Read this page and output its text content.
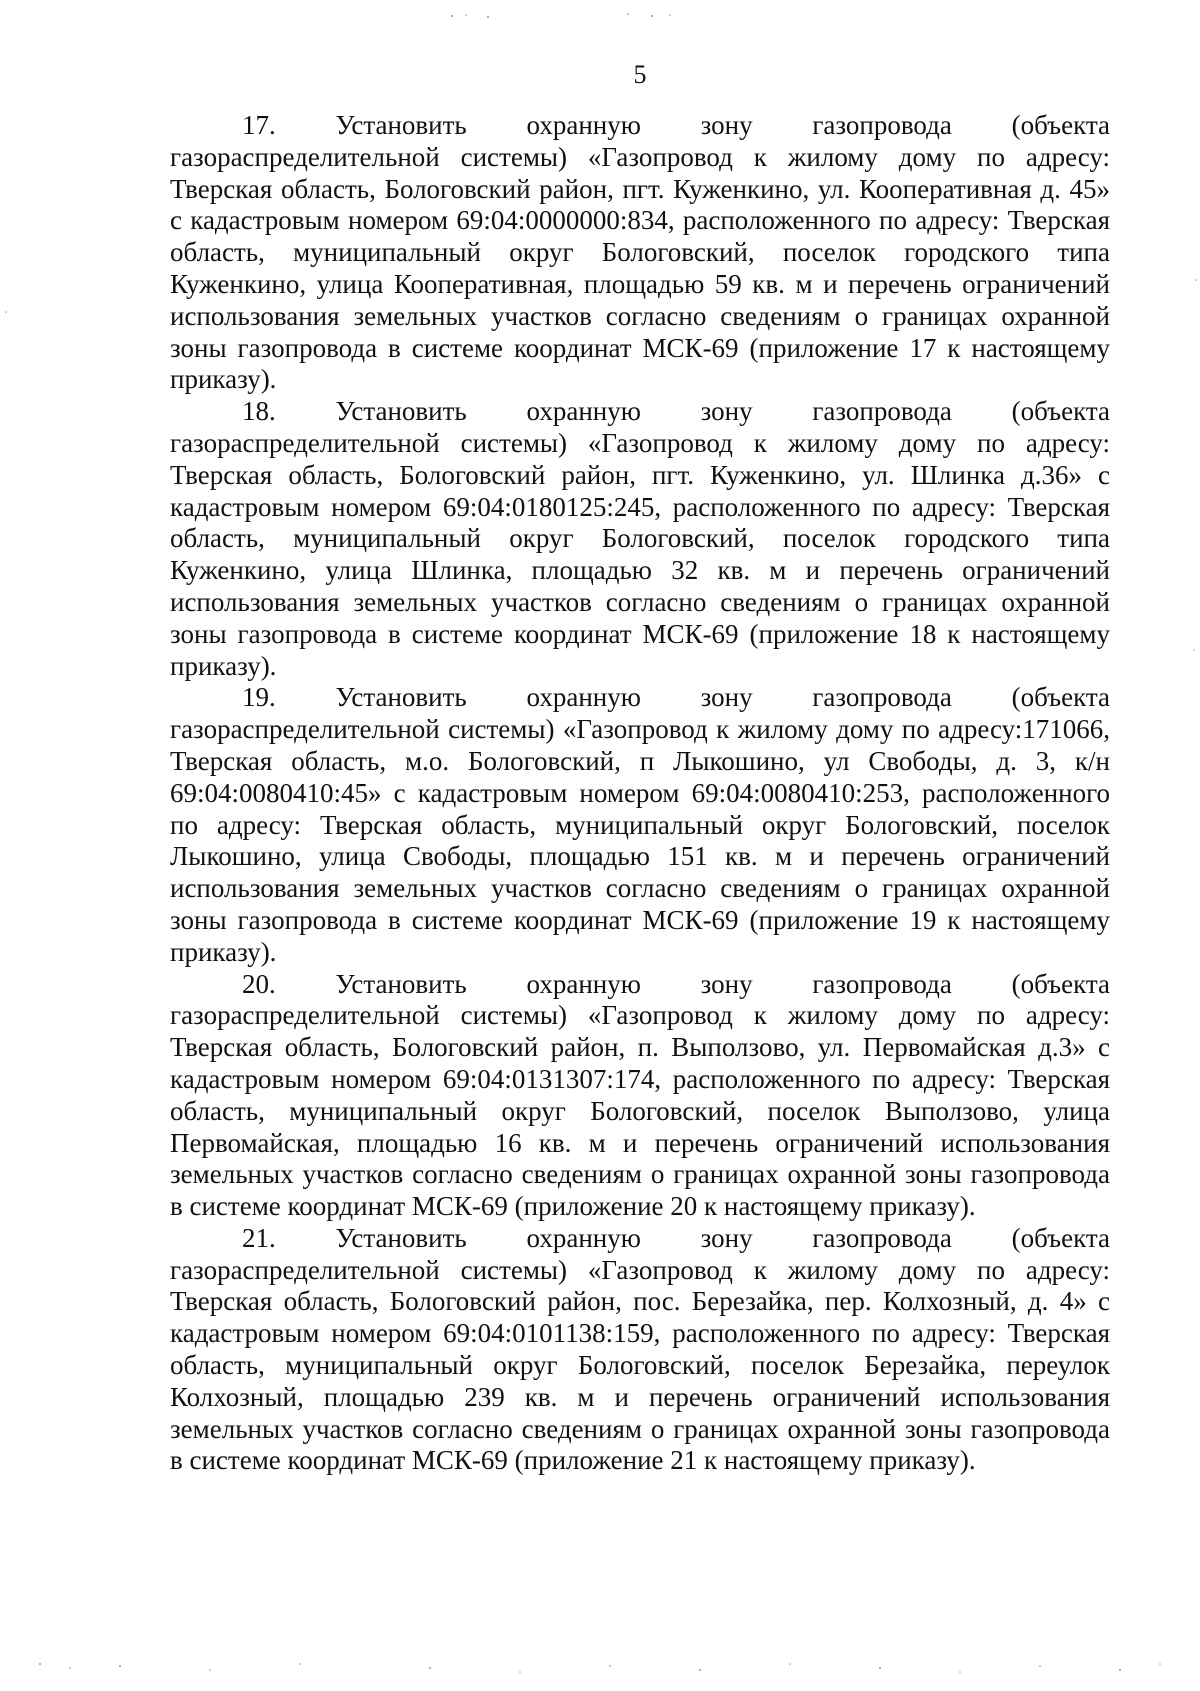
5

17. Установить охранную зону газопровода (объекта газораспределительной системы) «Газопровод к жилому дому по адресу: Тверская область, Бологовский район, пгт. Куженкино, ул. Кооперативная д. 45» с кадастровым номером 69:04:0000000:834, расположенного по адресу: Тверская область, муниципальный округ Бологовский, поселок городского типа Куженкино, улица Кооперативная, площадью 59 кв. м и перечень ограничений использования земельных участков согласно сведениям о границах охранной зоны газопровода в системе координат МСК-69 (приложение 17 к настоящему приказу).

18. Установить охранную зону газопровода (объекта газораспределительной системы) «Газопровод к жилому дому по адресу: Тверская область, Бологовский район, пгт. Куженкино, ул. Шлинка д.36» с кадастровым номером 69:04:0180125:245, расположенного по адресу: Тверская область, муниципальный округ Бологовский, поселок городского типа Куженкино, улица Шлинка, площадью 32 кв. м и перечень ограничений использования земельных участков согласно сведениям о границах охранной зоны газопровода в системе координат МСК-69 (приложение 18 к настоящему приказу).

19. Установить охранную зону газопровода (объекта газораспределительной системы) «Газопровод к жилому дому по адресу:171066, Тверская область, м.о. Бологовский, п Лыкошино, ул Свободы, д. 3, к/н 69:04:0080410:45» с кадастровым номером 69:04:0080410:253, расположенного по адресу: Тверская область, муниципальный округ Бологовский, поселок Лыкошино, улица Свободы, площадью 151 кв. м и перечень ограничений использования земельных участков согласно сведениям о границах охранной зоны газопровода в системе координат МСК-69 (приложение 19 к настоящему приказу).

20. Установить охранную зону газопровода (объекта газораспределительной системы) «Газопровод к жилому дому по адресу: Тверская область, Бологовский район, п. Выползово, ул. Первомайская д.3» с кадастровым номером 69:04:0131307:174, расположенного по адресу: Тверская область, муниципальный округ Бологовский, поселок Выползово, улица Первомайская, площадью 16 кв. м и перечень ограничений использования земельных участков согласно сведениям о границах охранной зоны газопровода в системе координат МСК-69 (приложение 20 к настоящему приказу).

21. Установить охранную зону газопровода (объекта газораспределительной системы) «Газопровод к жилому дому по адресу: Тверская область, Бологовский район, пос. Березайка, пер. Колхозный, д. 4» с кадастровым номером 69:04:0101138:159, расположенного по адресу: Тверская область, муниципальный округ Бологовский, поселок Березайка, переулок Колхозный, площадью 239 кв. м и перечень ограничений использования земельных участков согласно сведениям о границах охранной зоны газопровода в системе координат МСК-69 (приложение 21 к настоящему приказу).
